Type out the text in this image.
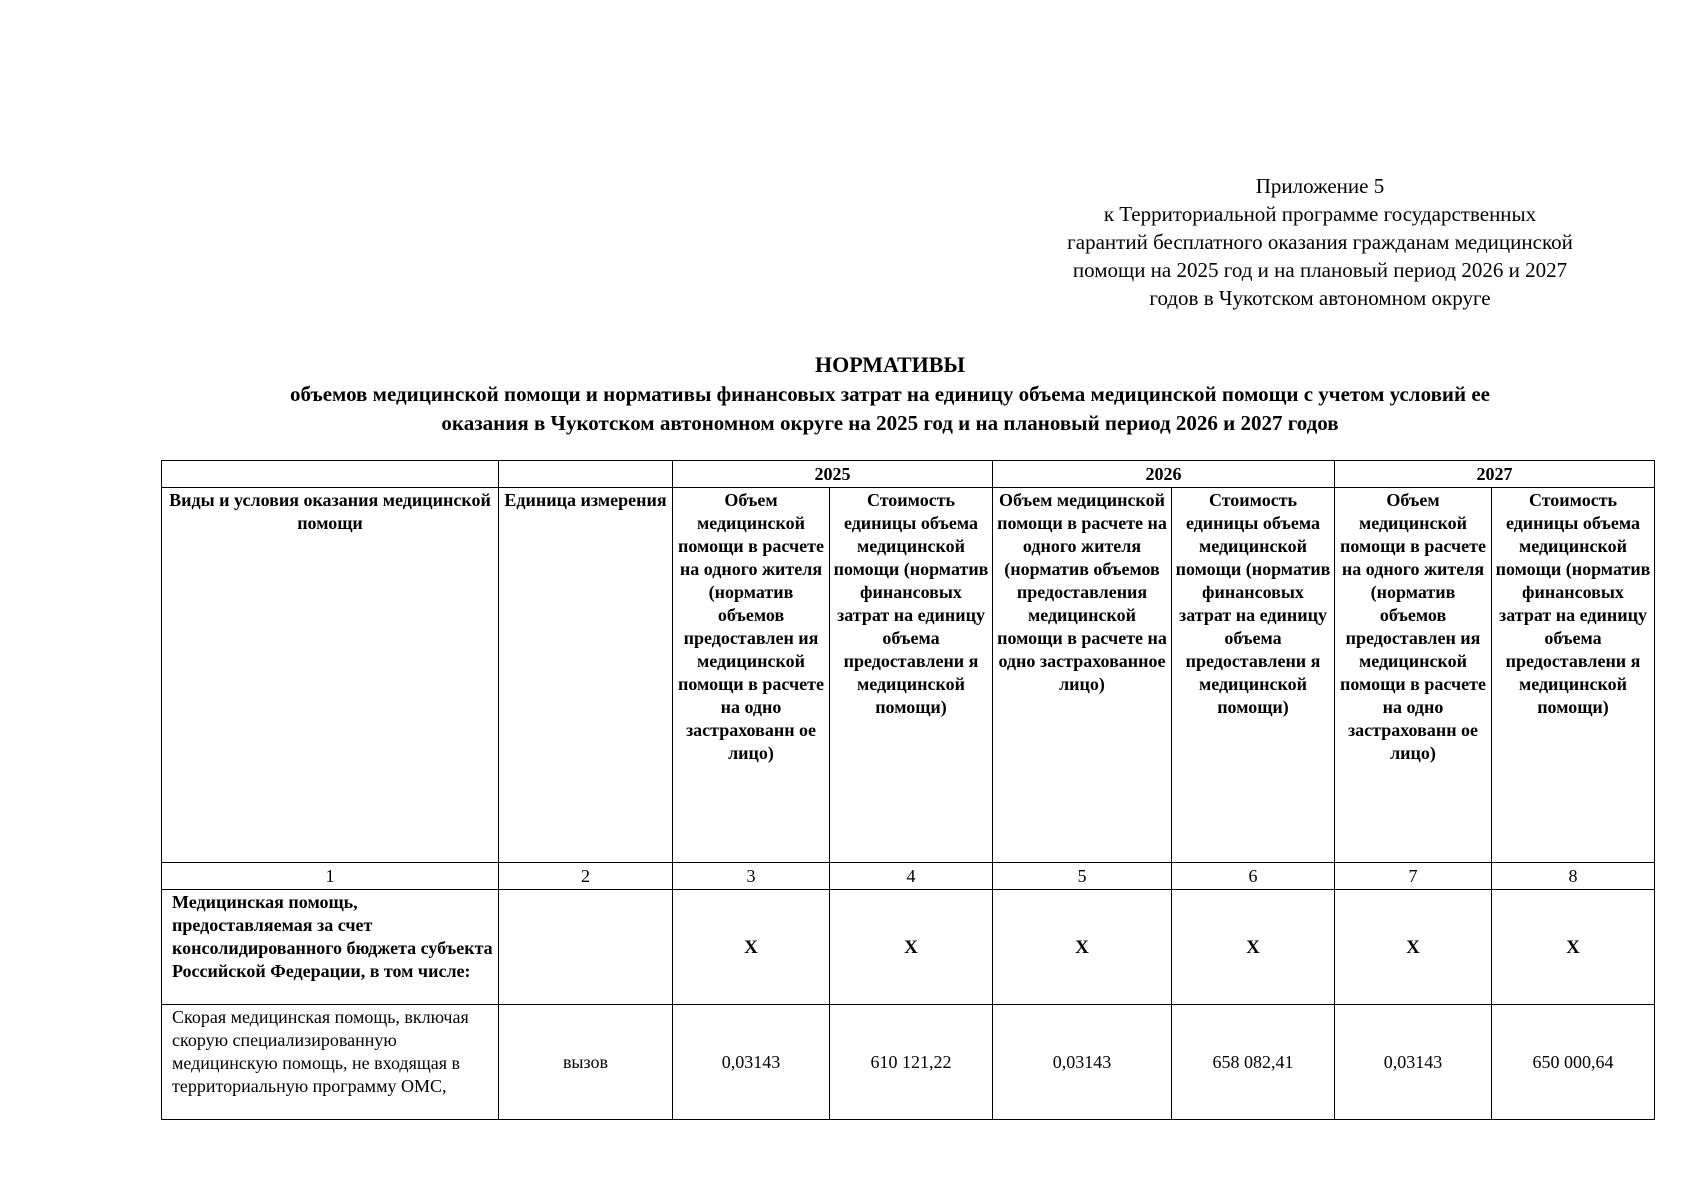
Приложение 5
к Территориальной программе государственных
гарантий бесплатного оказания гражданам медицинской
помощи на 2025 год и на плановый период 2026 и 2027
годов в Чукотском автономном округе
НОРМАТИВЫ
объемов медицинской помощи и нормативы финансовых затрат на единицу объема медицинской помощи с учетом условий ее
оказания в Чукотском автономном округе на 2025 год и на плановый период 2026 и 2027 годов
		2025		2026		2027	
Виды и условия оказания медицинской помощи	Единица измерения	Объем медицинской помощи в расчете на одного жителя (норматив объемов предоставлен ия медицинской помощи в расчете на одно застрахованн ое лицо)	Стоимость единицы объема медицинской помощи (норматив финансовых затрат на единицу объема предоставлени я медицинской помощи)	Объем медицинской помощи в расчете на одного жителя (норматив объемов предоставления медицинской помощи в расчете на одно застрахованное лицо)	Стоимость единицы объема медицинской помощи (норматив финансовых затрат на единицу объема предоставлени я медицинской помощи)	Объем медицинской помощи в расчете на одного жителя (норматив объемов предоставлен ия медицинской помощи в расчете на одно застрахованн ое лицо)	Стоимость единицы объема медицинской помощи (норматив финансовых затрат на единицу объема предоставлени я медицинской помощи)
1	2	3	4	5	6	7	8
Медицинская помощь, предоставляемая за счет консолидированного бюджета субъекта Российской Федерации, в том числе:		X	X	X	X	X	X
Скорая медицинская помощь, включая скорую специализированную медицинскую помощь, не входящая в территориальную программу ОМС,	вызов	0,03143	610 121,22	0,03143	658 082,41	0,03143	650 000,64
